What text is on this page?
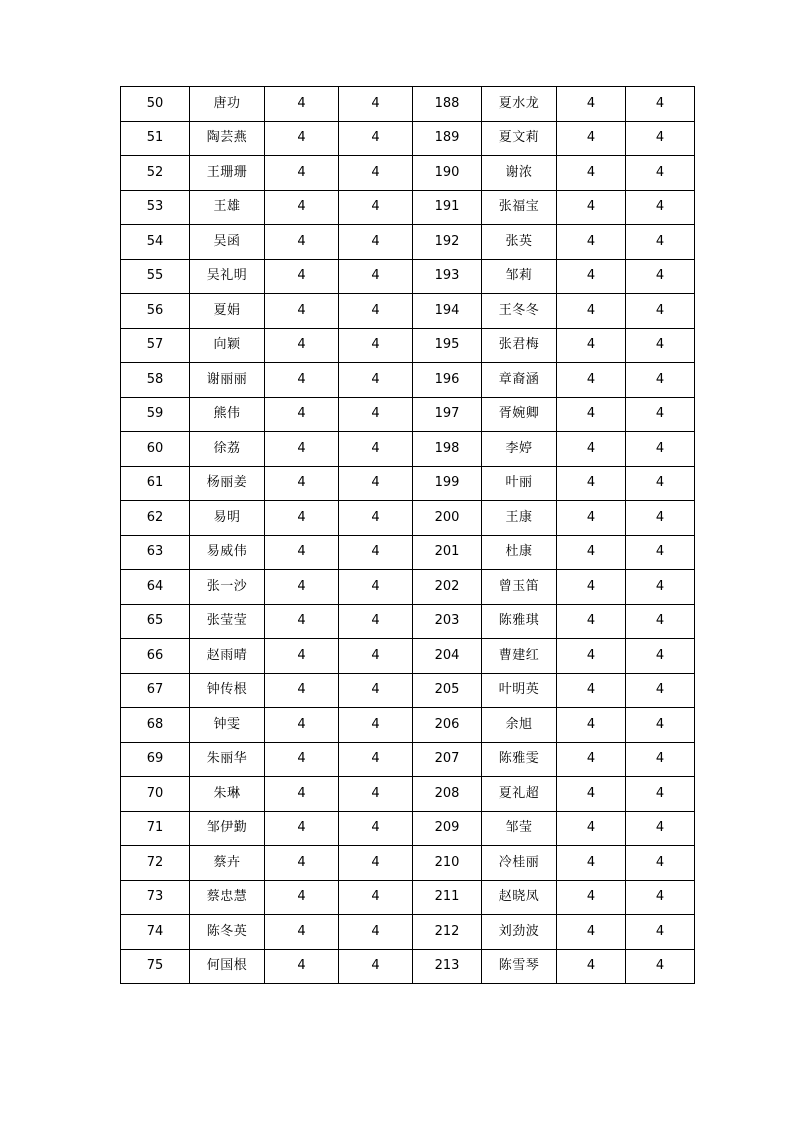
50	唐功	4	4	188	夏水龙	4	4
51	陶芸燕	4	4	189	夏文莉	4	4
52	王珊珊	4	4	190	谢浓	4	4
53	王雄	4	4	191	张福宝	4	4
54	吴函	4	4	192	张英	4	4
55	吴礼明	4	4	193	邹莉	4	4
56	夏娟	4	4	194	王冬冬	4	4
57	向颖	4	4	195	张君梅	4	4
58	谢丽丽	4	4	196	章裔涵	4	4
59	熊伟	4	4	197	胥婉卿	4	4
60	徐荔	4	4	198	李婷	4	4
61	杨丽姜	4	4	199	叶丽	4	4
62	易明	4	4	200	王康	4	4
63	易威伟	4	4	201	杜康	4	4
64	张一沙	4	4	202	曾玉笛	4	4
65	张莹莹	4	4	203	陈雅琪	4	4
66	赵雨晴	4	4	204	曹建红	4	4
67	钟传根	4	4	205	叶明英	4	4
68	钟雯	4	4	206	余旭	4	4
69	朱丽华	4	4	207	陈雅雯	4	4
70	朱琳	4	4	208	夏礼超	4	4
71	邹伊勤	4	4	209	邹莹	4	4
72	蔡卉	4	4	210	冷桂丽	4	4
73	蔡忠慧	4	4	211	赵晓凤	4	4
74	陈冬英	4	4	212	刘劲波	4	4
75	何国根	4	4	213	陈雪琴	4	4
